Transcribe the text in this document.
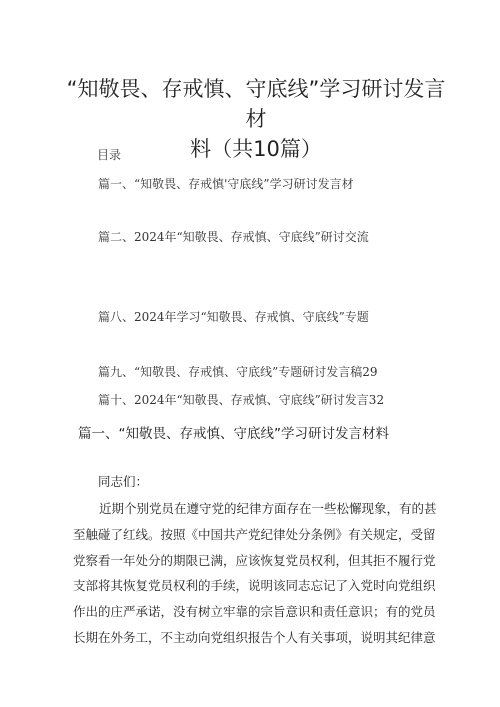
“知敬畏、存戒慎、守底线”学习研讨发言材
料（共10篇）
目录
篇一、“知敬畏、存戒慎'守底线”学习研讨发言材
篇二、2024年“知敬畏、存戒慎、守底线”研讨交流
篇八、2024年学习“知敬畏、存戒慎、守底线”专题
篇九、“知敬畏、存戒慎、守底线”专题研讨发言稿29
篇十、2024年“知敬畏、存戒慎、守底线”研讨发言32
篇一、“知敬畏、存戒慎、守底线”学习研讨发言材料
同志们：
近期个别党员在遵守党的纪律方面存在一些松懈现象，有的甚
至触碰了红线。按照《中国共产党纪律处分条例》有关规定，受留
党察看一年处分的期限已满，应该恢复党员权利，但其拒不履行党
支部将其恢复党员权利的手续，说明该同志忘记了入党时向党组织
作出的庄严承诺，没有树立牢靠的宗旨意识和责任意识；有的党员
长期在外务工，不主动向党组织报告个人有关事项，说明其纪律意
